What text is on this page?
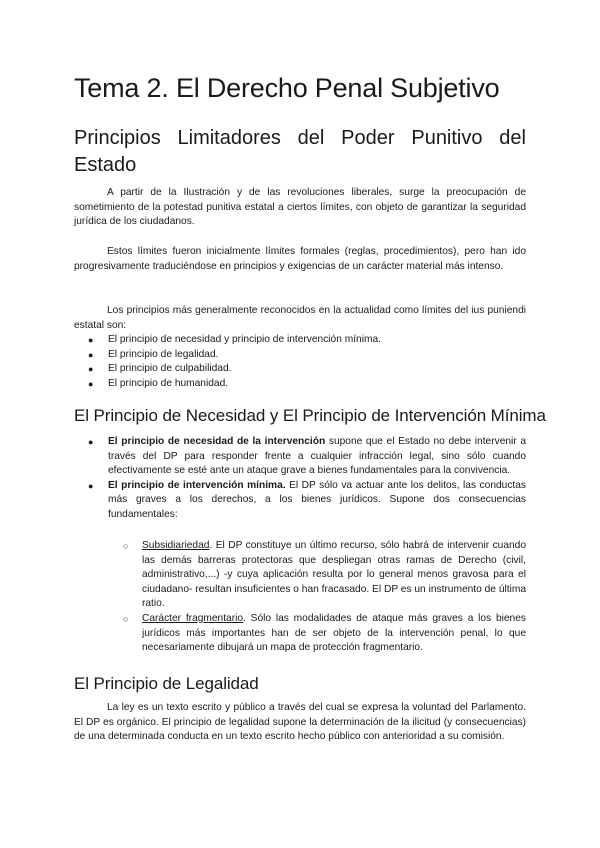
Tema 2. El Derecho Penal Subjetivo
Principios Limitadores del Poder Punitivo del Estado

A partir de la Ilustración y de las revoluciones liberales, surge la preocupación de sometimiento de la potestad punitiva estatal a ciertos límites, con objeto de garantizar la seguridad jurídica de los ciudadanos.

Estos límites fueron inicialmente límites formales (reglas, procedimientos), pero han ido progresivamente traduciéndose en principios y exigencias de un carácter material más intenso.

Los principios más generalmente reconocidos en la actualidad como límites del ius puniendi estatal son:

● El principio de necesidad y principio de intervención mínima.
● El principio de legalidad.
● El principio de culpabilidad.
● El principio de humanidad.
El Principio de Necesidad y El Principio de Intervención Mínima
● El principio de necesidad de la intervención supone que el Estado no debe intervenir a través del DP para responder frente a cualquier infracción legal, sino sólo cuando efectivamente se esté ante un ataque grave a bienes fundamentales para la convivencia.
● El principio de intervención mínima. El DP sólo va actuar ante los delitos, las conductas más graves a los derechos, a los bienes jurídicos. Supone dos consecuencias fundamentales:
○ Subsidiariedad. El DP constituye un último recurso, sólo habrá de intervenir cuando las demás barreras protectoras que despliegan otras ramas de Derecho (civil, administrativo,...) -y cuya aplicación resulta por lo general menos gravosa para el ciudadano- resultan insuficientes o han fracasado. El DP es un instrumento de última ratio.
○ Carácter fragmentario. Sólo las modalidades de ataque más graves a los bienes jurídicos más importantes han de ser objeto de la intervención penal, lo que necesariamente dibujará un mapa de protección fragmentario.
El Principio de Legalidad

La ley es un texto escrito y público a través del cual se expresa la voluntad del Parlamento. El DP es orgánico. El principio de legalidad supone la determinación de la ilicitud (y consecuencias) de una determinada conducta en un texto escrito hecho público con anterioridad a su comisión.
